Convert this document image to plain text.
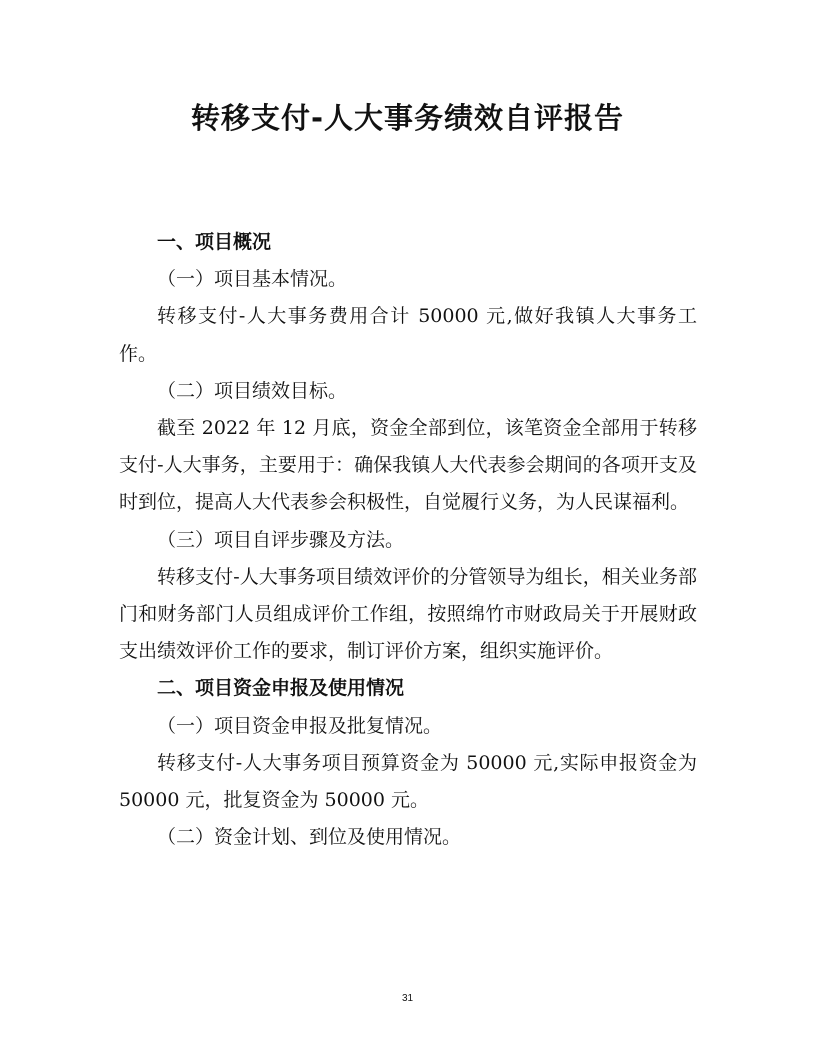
转移支付-人大事务绩效自评报告
一、项目概况

（一）项目基本情况。

转移支付-人大事务费用合计 50000 元,做好我镇人大事务工作。

（二）项目绩效目标。

截至 2022 年 12 月底，资金全部到位，该笔资金全部用于转移支付-人大事务，主要用于：确保我镇人大代表参会期间的各项开支及时到位，提高人大代表参会积极性，自觉履行义务，为人民谋福利。

（三）项目自评步骤及方法。

转移支付-人大事务项目绩效评价的分管领导为组长，相关业务部门和财务部门人员组成评价工作组，按照绵竹市财政局关于开展财政支出绩效评价工作的要求，制订评价方案，组织实施评价。

二、项目资金申报及使用情况

（一）项目资金申报及批复情况。

转移支付-人大事务项目预算资金为 50000 元,实际申报资金为 50000 元，批复资金为 50000 元。

（二）资金计划、到位及使用情况。

31
